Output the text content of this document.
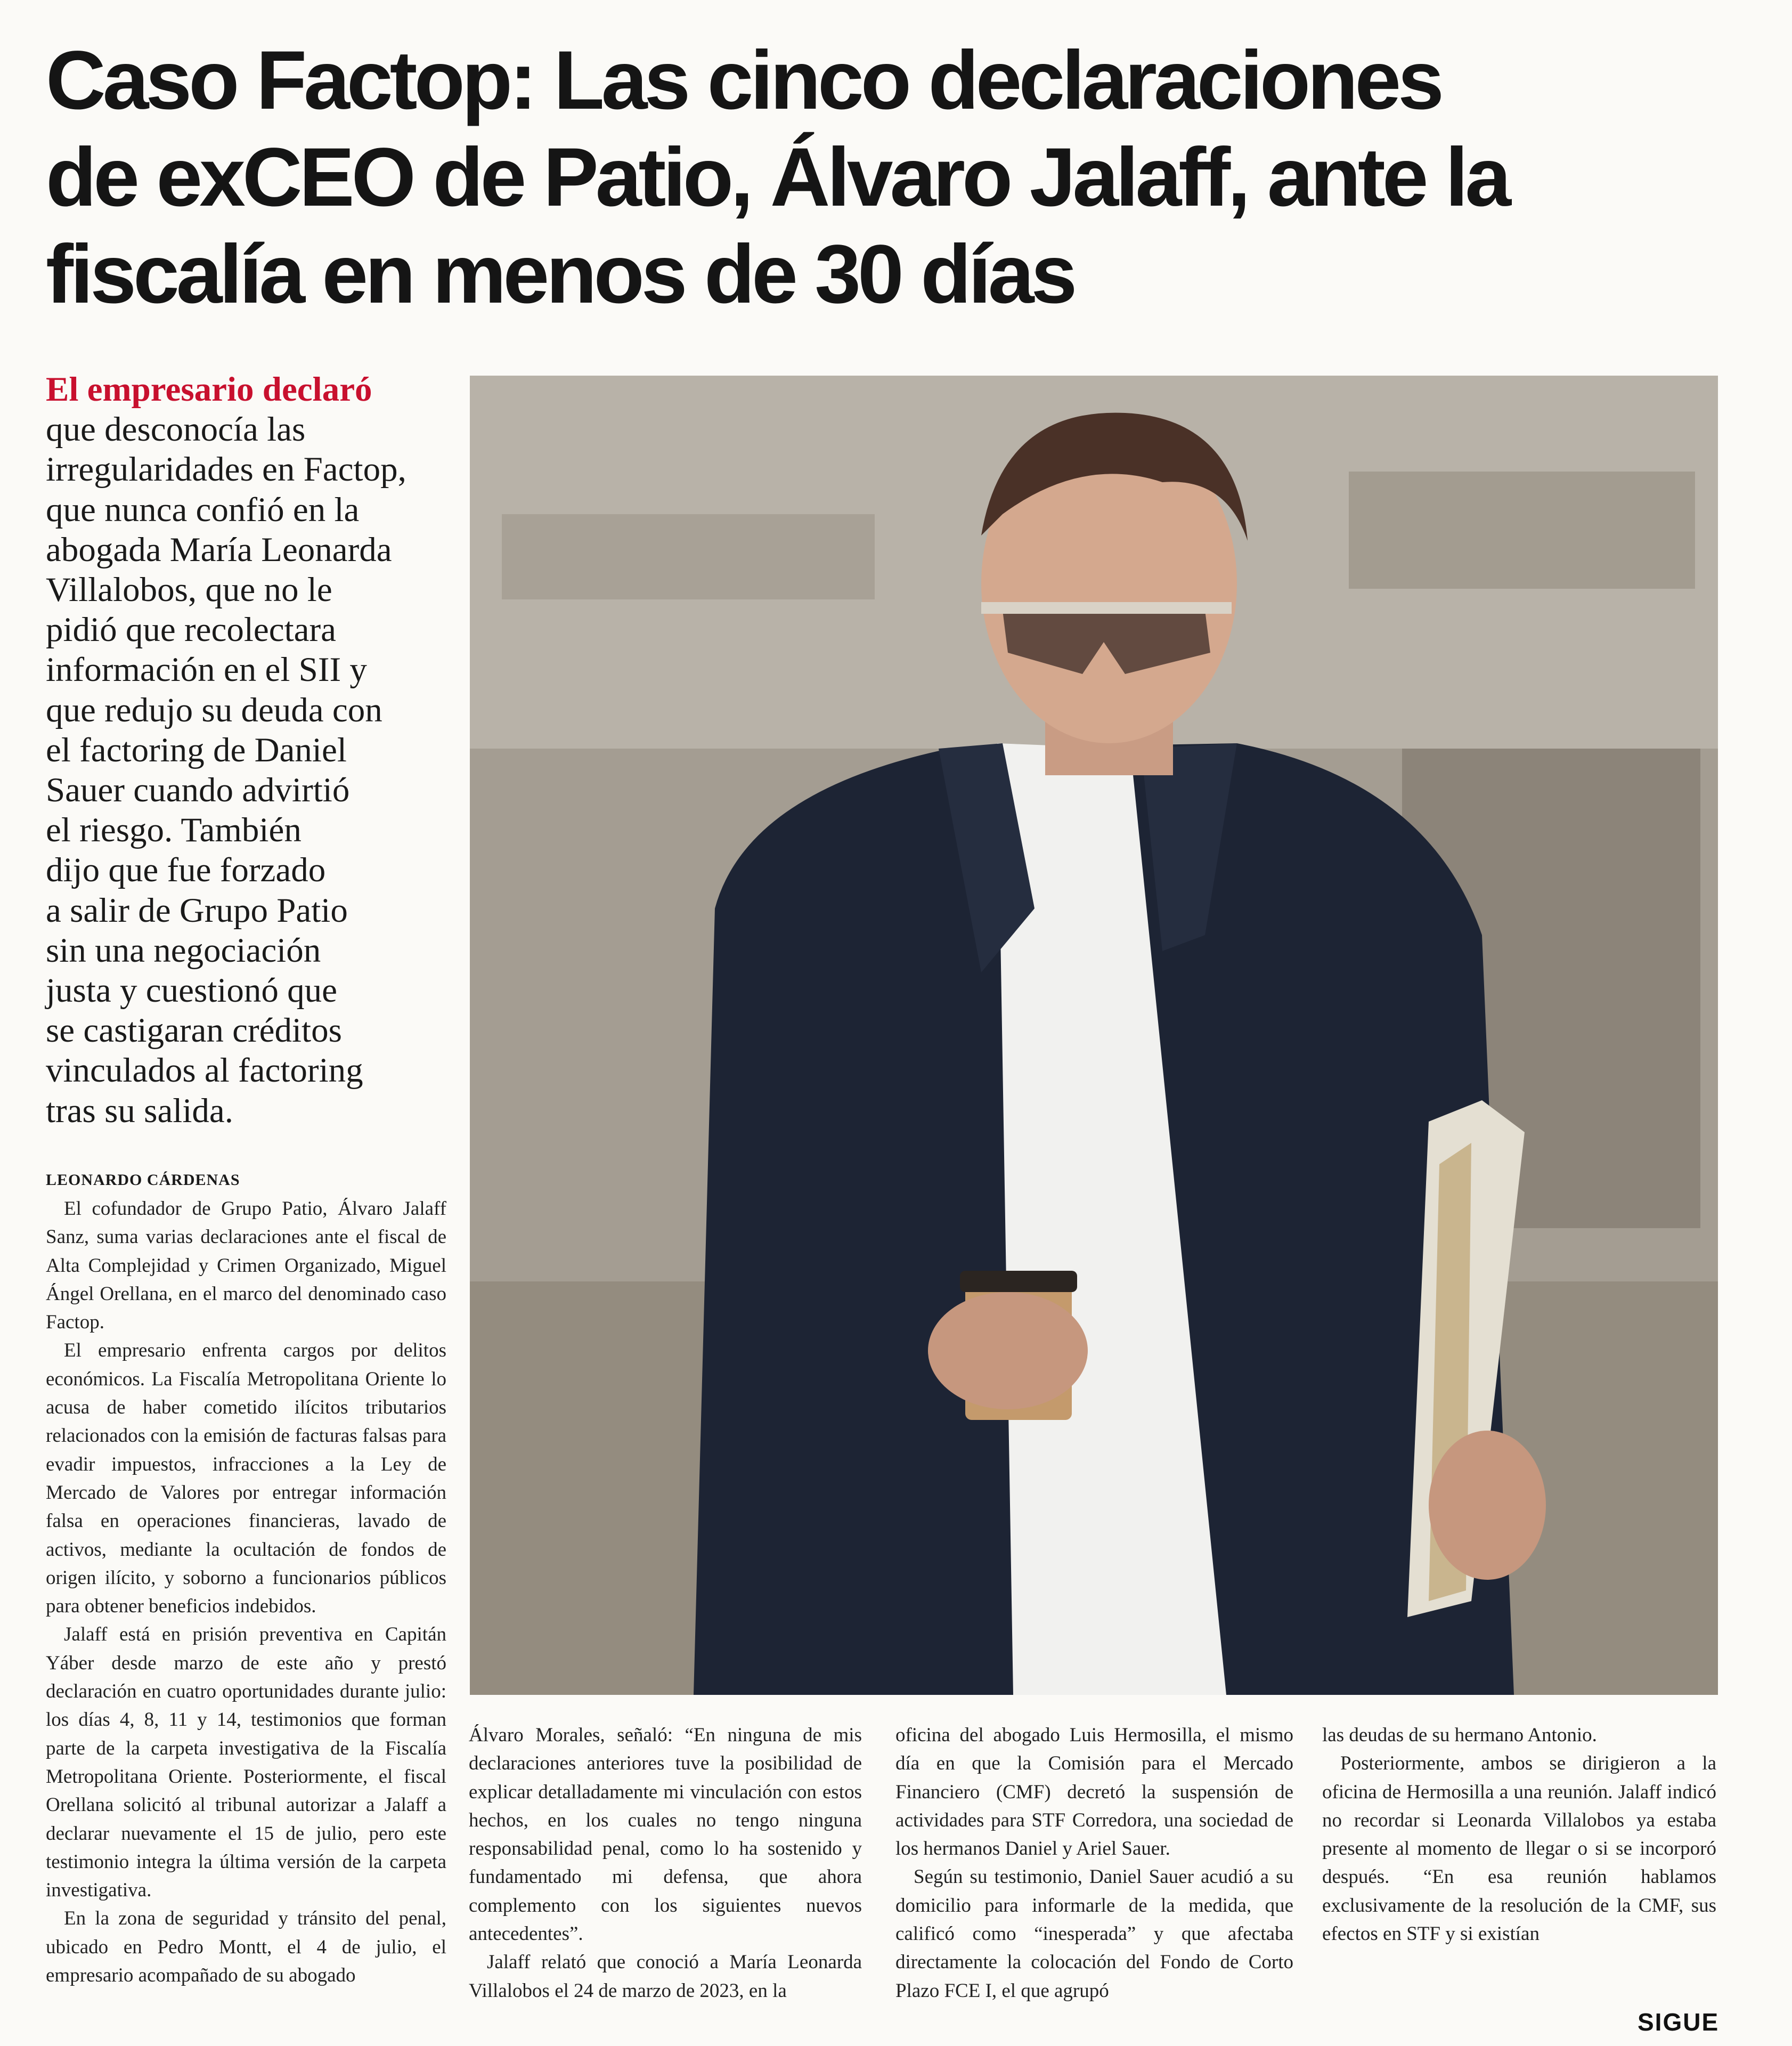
Caso Factop: Las cinco declaraciones
de exCEO de Patio, Álvaro Jalaff, ante la
fiscalía en menos de 30 días
El empresario declaró
que desconocía las
irregularidades en Factop,
que nunca confió en la
abogada María Leonarda
Villalobos, que no le
pidió que recolectara
información en el SII y
que redujo su deuda con
el factoring de Daniel
Sauer cuando advirtió
el riesgo. También
dijo que fue forzado
a salir de Grupo Patio
sin una negociación
justa y cuestionó que
se castigaran créditos
vinculados al factoring
tras su salida.
LEONARDO CÁRDENAS

El cofundador de Grupo Patio, Álvaro Jalaff Sanz, suma varias declaraciones ante el fiscal de Alta Complejidad y Crimen Organizado, Miguel Ángel Orellana, en el marco del denominado caso Factop.

El empresario enfrenta cargos por delitos económicos. La Fiscalía Metropolitana Oriente lo acusa de haber cometido ilícitos tributarios relacionados con la emisión de facturas falsas para evadir impuestos, infracciones a la Ley de Mercado de Valores por entregar información falsa en operaciones financieras, lavado de activos, mediante la ocultación de fondos de origen ilícito, y soborno a funcionarios públicos para obtener beneficios indebidos.

Jalaff está en prisión preventiva en Capitán Yáber desde marzo de este año y prestó declaración en cuatro oportunidades durante julio: los días 4, 8, 11 y 14, testimonios que forman parte de la carpeta investigativa de la Fiscalía Metropolitana Oriente. Posteriormente, el fiscal Orellana solicitó al tribunal autorizar a Jalaff a declarar nuevamente el 15 de julio, pero este testimonio integra la última versión de la carpeta investigativa.

En la zona de seguridad y tránsito del penal, ubicado en Pedro Montt, el 4 de julio, el empresario acompañado de su abogado

Álvaro Morales, señaló: “En ninguna de mis declaraciones anteriores tuve la posibilidad de explicar detalladamente mi vinculación con estos hechos, en los cuales no tengo ninguna responsabilidad penal, como lo ha sostenido y fundamentado mi defensa, que ahora complemento con los siguientes nuevos antecedentes”.

Jalaff relató que conoció a María Leonarda Villalobos el 24 de marzo de 2023, en la

oficina del abogado Luis Hermosilla, el mismo día en que la Comisión para el Mercado Financiero (CMF) decretó la suspensión de actividades para STF Corredora, una sociedad de los hermanos Daniel y Ariel Sauer.

Según su testimonio, Daniel Sauer acudió a su domicilio para informarle de la medida, que calificó como “inesperada” y que afectaba directamente la colocación del Fondo de Corto Plazo FCE I, el que agrupó

las deudas de su hermano Antonio.

Posteriormente, ambos se dirigieron a la oficina de Hermosilla a una reunión. Jalaff indicó no recordar si Leonarda Villalobos ya estaba presente al momento de llegar o si se incorporó después. “En esa reunión hablamos exclusivamente de la resolución de la CMF, sus efectos en STF y si existían

SIGUE
